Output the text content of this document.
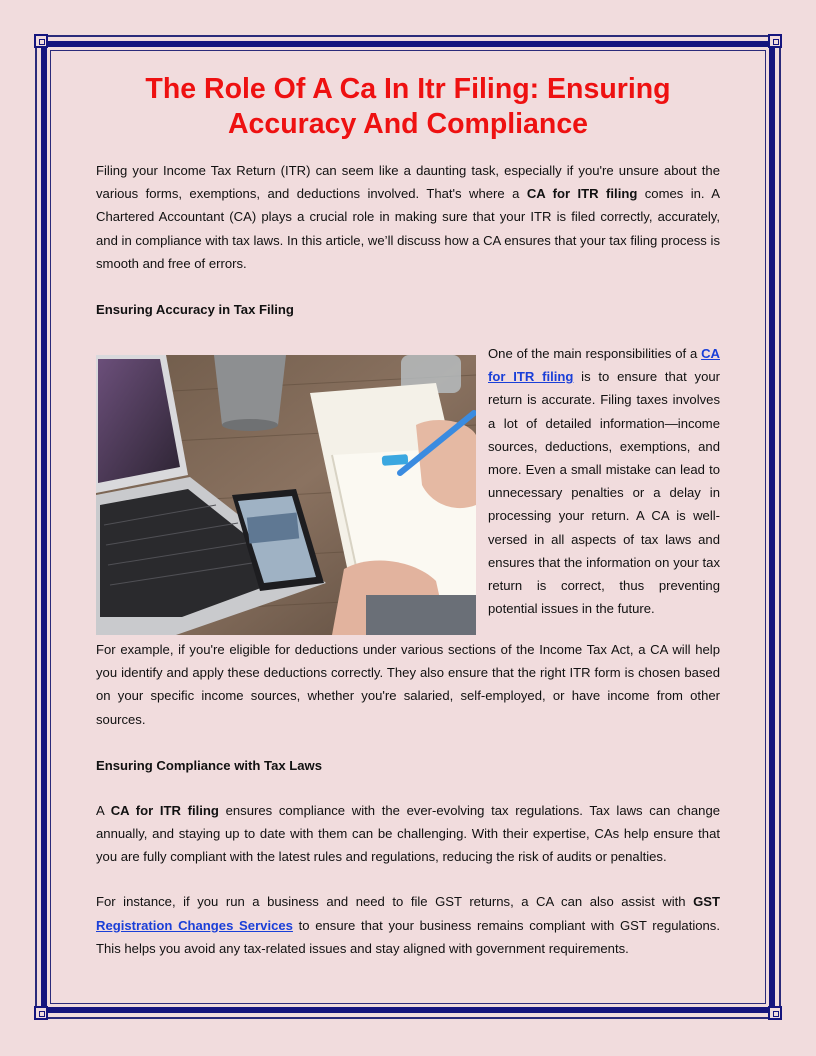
The Role Of A Ca In Itr Filing: Ensuring Accuracy And Compliance

Filing your Income Tax Return (ITR) can seem like a daunting task, especially if you're unsure about the various forms, exemptions, and deductions involved. That's where a CA for ITR filing comes in. A Chartered Accountant (CA) plays a crucial role in making sure that your ITR is filed correctly, accurately, and in compliance with tax laws. In this article, we’ll discuss how a CA ensures that your tax filing process is smooth and free of errors.

Ensuring Accuracy in Tax Filing

One of the main responsibilities of a CA for ITR filing is to ensure that your return is accurate. Filing taxes involves a lot of detailed information—income sources, deductions, exemptions, and more. Even a small mistake can lead to unnecessary penalties or a delay in processing your return. A CA is well-versed in all aspects of tax laws and ensures that the information on your tax return is correct, thus preventing potential issues in the future.

For example, if you're eligible for deductions under various sections of the Income Tax Act, a CA will help you identify and apply these deductions correctly. They also ensure that the right ITR form is chosen based on your specific income sources, whether you're salaried, self-employed, or have income from other sources.

Ensuring Compliance with Tax Laws

A CA for ITR filing ensures compliance with the ever-evolving tax regulations. Tax laws can change annually, and staying up to date with them can be challenging. With their expertise, CAs help ensure that you are fully compliant with the latest rules and regulations, reducing the risk of audits or penalties.

For instance, if you run a business and need to file GST returns, a CA can also assist with GST Registration Changes Services to ensure that your business remains compliant with GST regulations. This helps you avoid any tax-related issues and stay aligned with government requirements.
